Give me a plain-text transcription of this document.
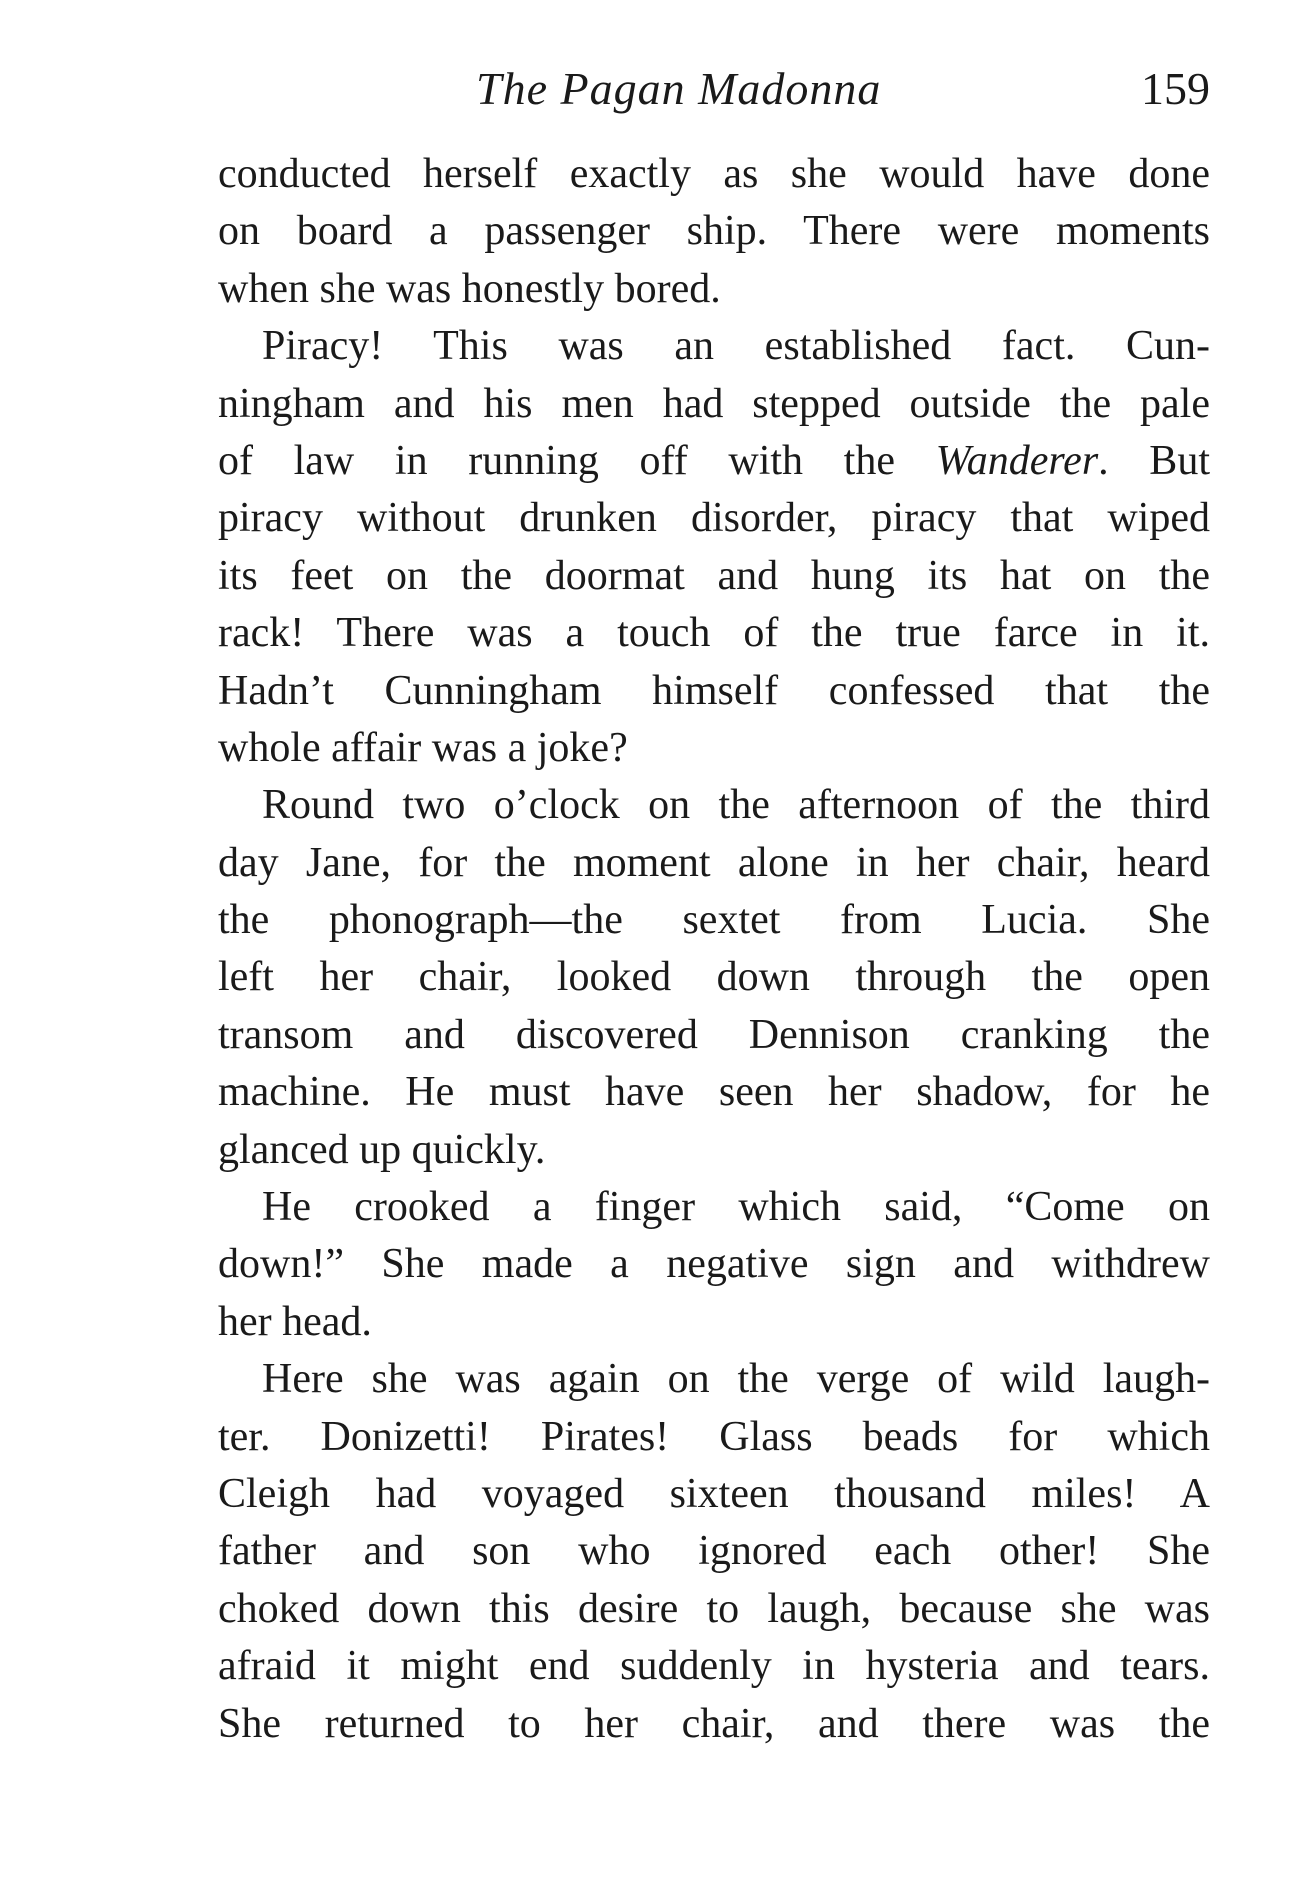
The Pagan Madonna	159
conducted herself exactly as she would have done
on board a passenger ship. There were moments
when she was honestly bored.
Piracy! This was an established fact. Cun-
ningham and his men had stepped outside the pale
of law in running off with the Wanderer. But
piracy without drunken disorder, piracy that wiped
its feet on the doormat and hung its hat on the
rack! There was a touch of the true farce in it.
Hadn’t Cunningham himself confessed that the
whole affair was a joke?
Round two o’clock on the afternoon of the third
day Jane, for the moment alone in her chair, heard
the phonograph—the sextet from Lucia. She
left her chair, looked down through the open
transom and discovered Dennison cranking the
machine. He must have seen her shadow, for he
glanced up quickly.
He crooked a finger which said, “Come on
down!” She made a negative sign and withdrew
her head.
Here she was again on the verge of wild laugh-
ter. Donizetti! Pirates! Glass beads for which
Cleigh had voyaged sixteen thousand miles! A
father and son who ignored each other! She
choked down this desire to laugh, because she was
afraid it might end suddenly in hysteria and tears.
She returned to her chair, and there was the
